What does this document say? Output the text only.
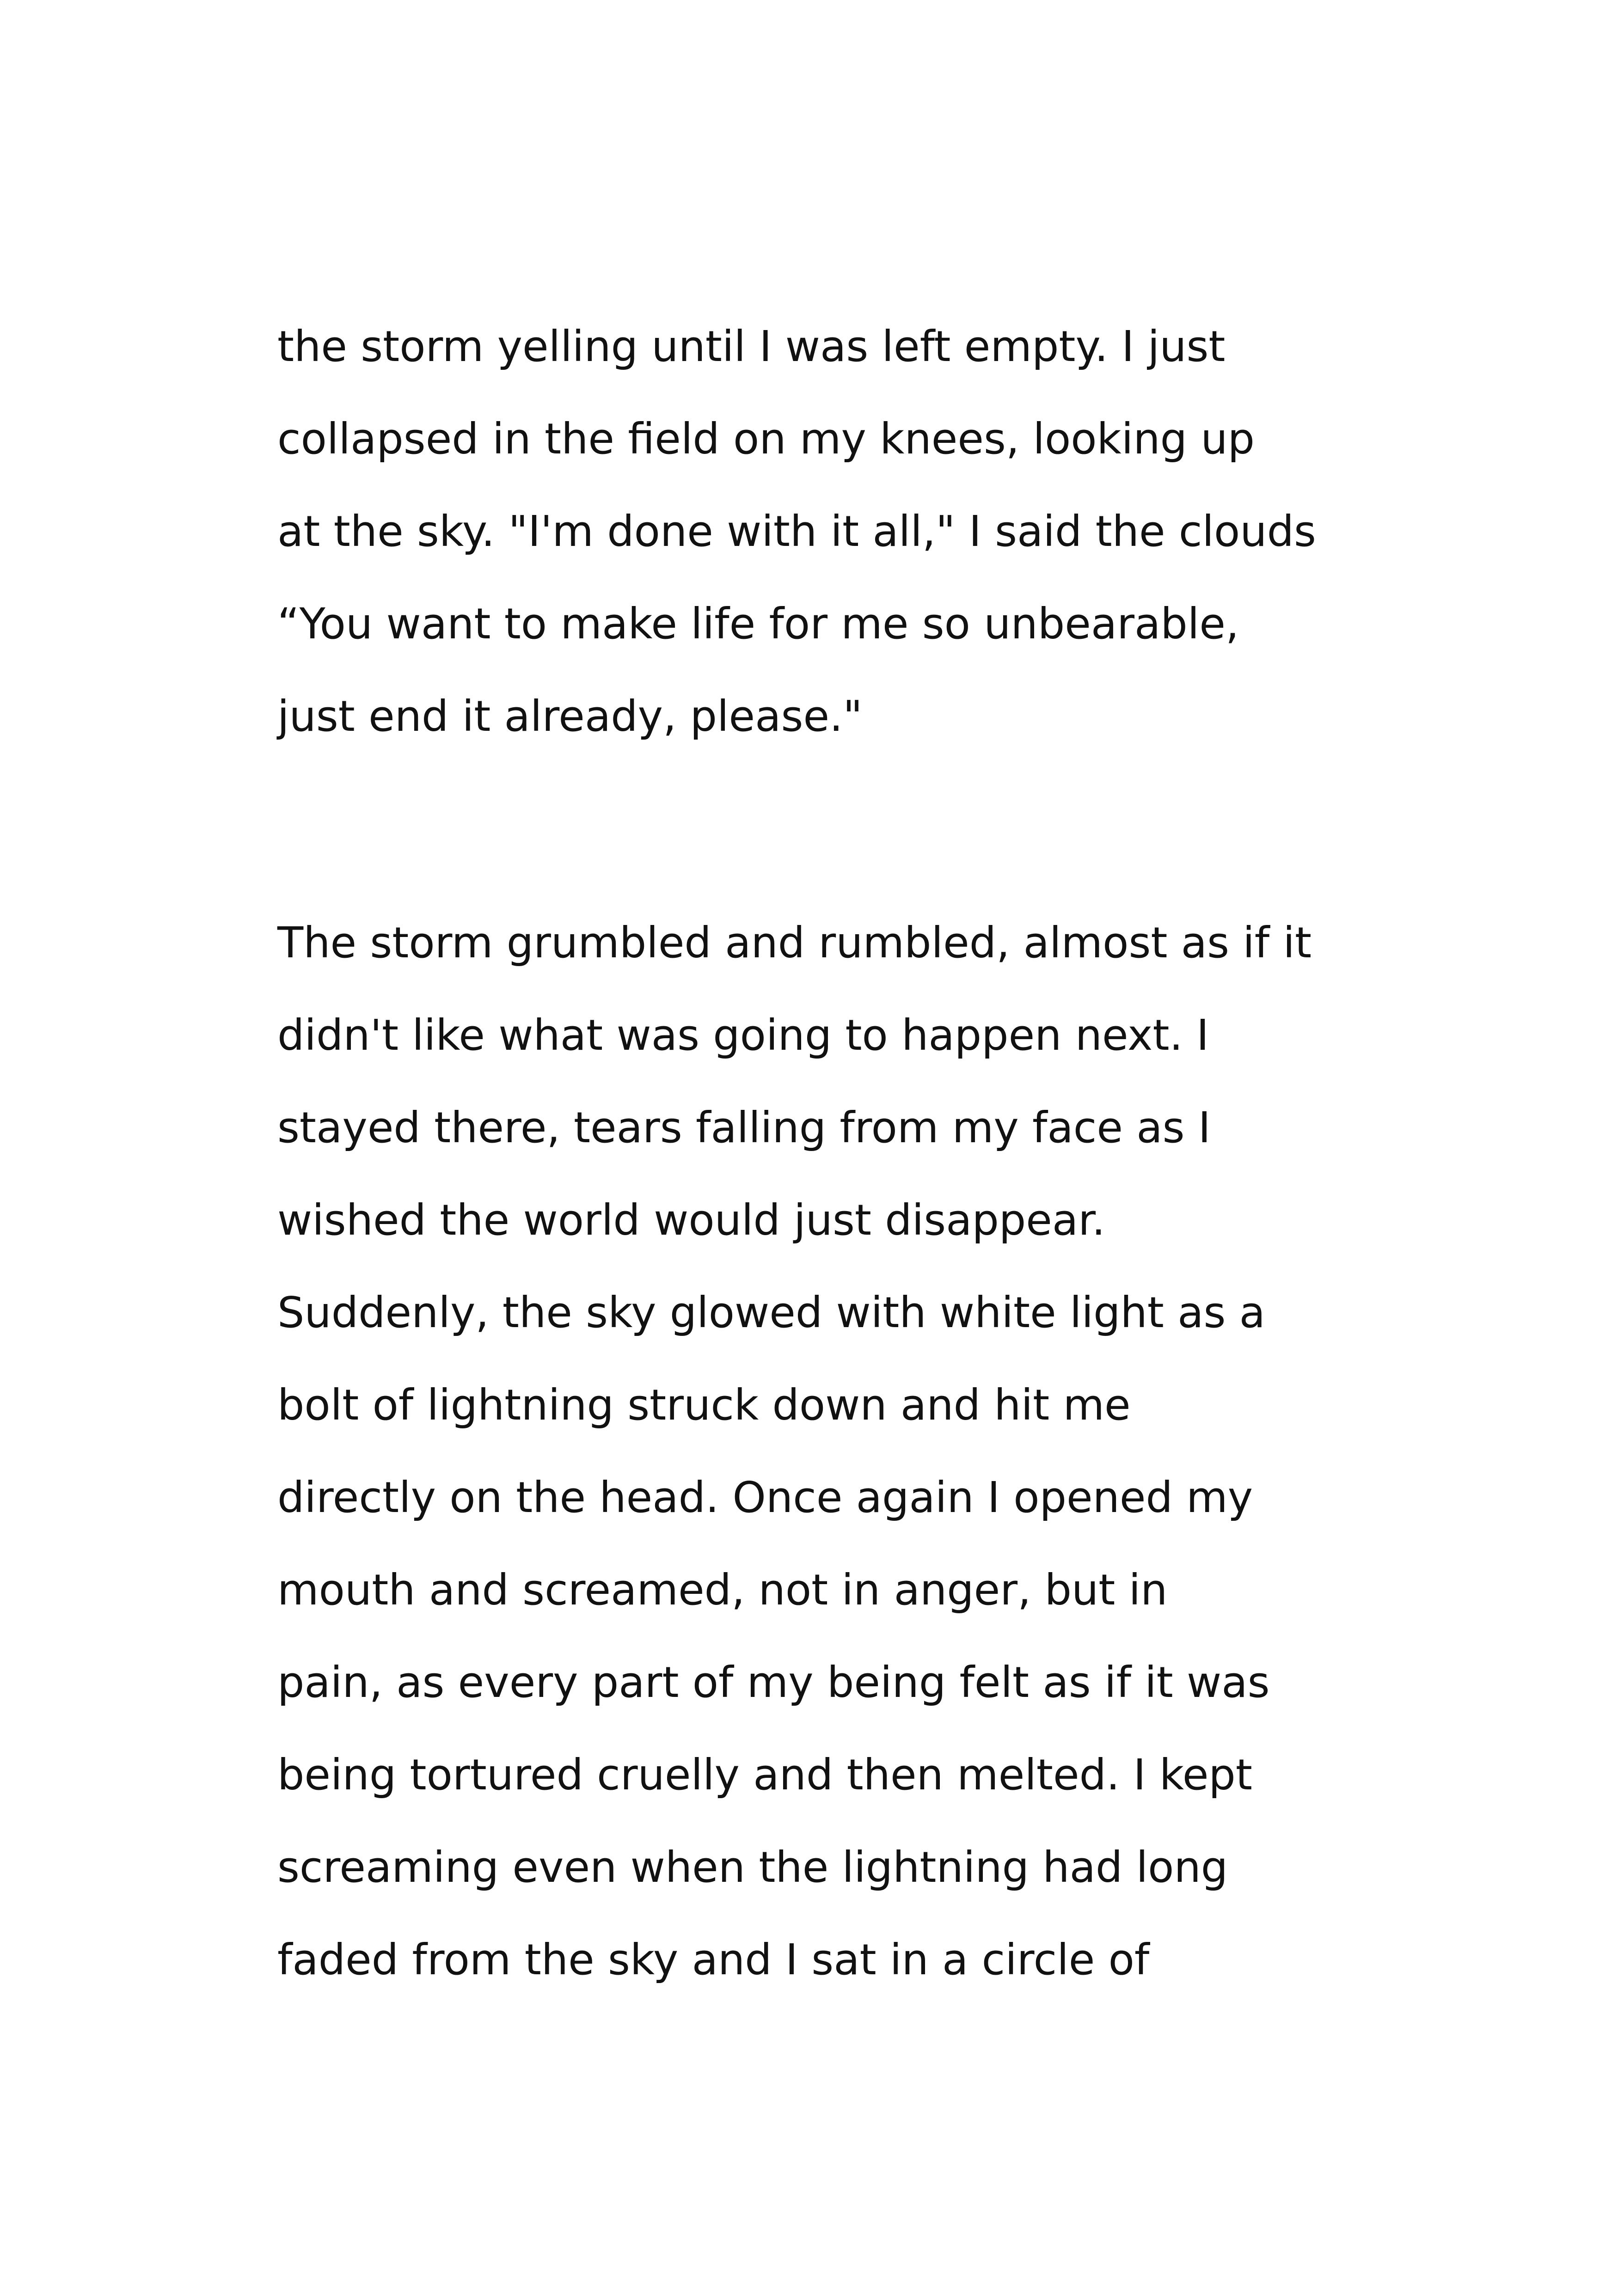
the storm yelling until I was left empty. I just
collapsed in the field on my knees, looking up
at the sky. "I'm done with it all," I said the clouds
“You want to make life for me so unbearable,
just end it already, please."
The storm grumbled and rumbled, almost as if it
didn't like what was going to happen next. I
stayed there, tears falling from my face as I
wished the world would just disappear.
Suddenly, the sky glowed with white light as a
bolt of lightning struck down and hit me
directly on the head. Once again I opened my
mouth and screamed, not in anger, but in
pain, as every part of my being felt as if it was
being tortured cruelly and then melted. I kept
screaming even when the lightning had long
faded from the sky and I sat in a circle of
